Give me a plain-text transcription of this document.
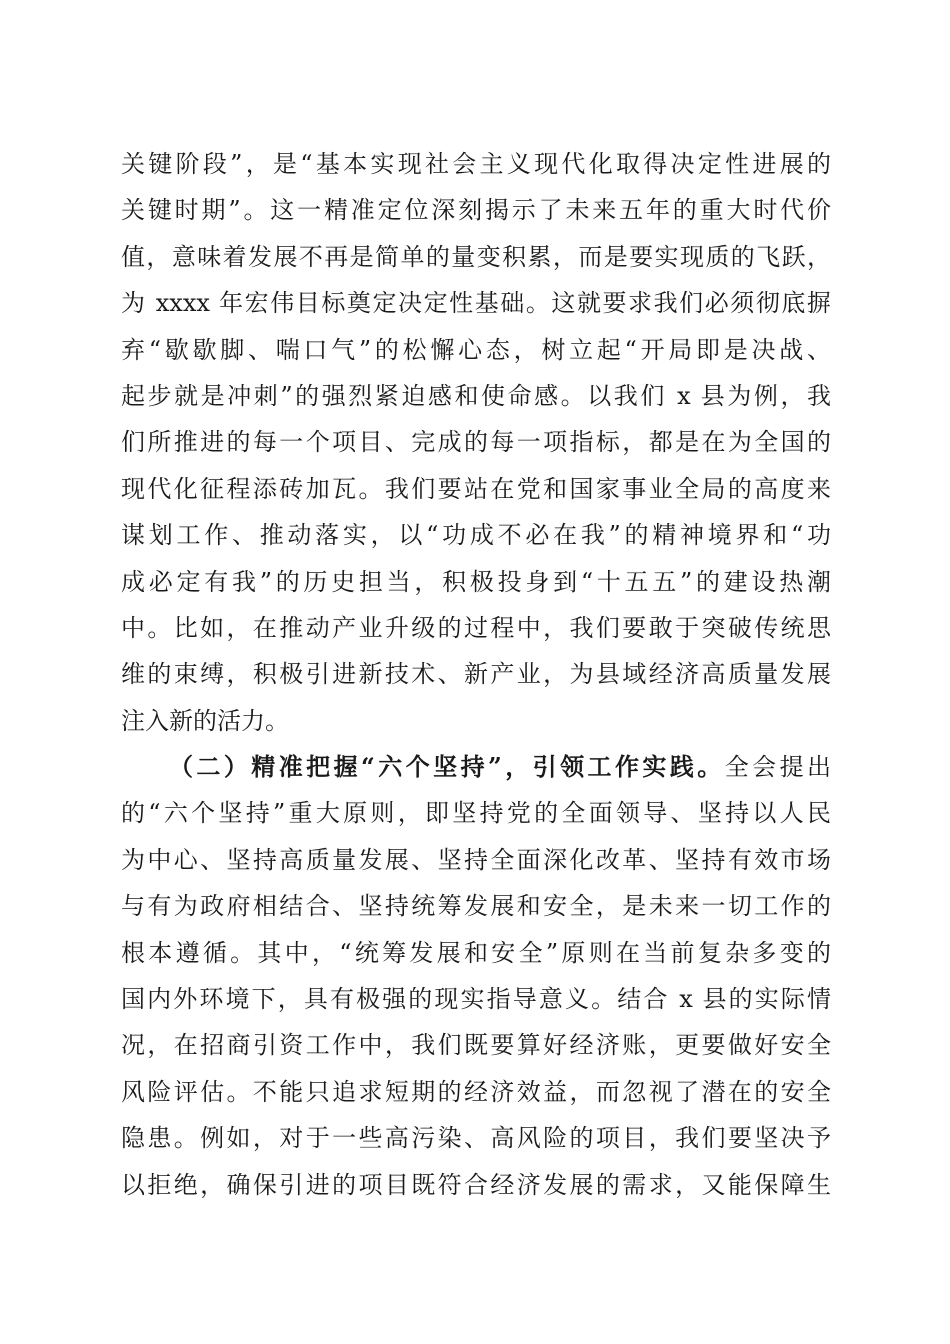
关键阶段”，是“基本实现社会主义现代化取得决定性进展的
关键时期”。这一精准定位深刻揭示了未来五年的重大时代价
值，意味着发展不再是简单的量变积累，而是要实现质的飞跃，
为 xxxx 年宏伟目标奠定决定性基础。这就要求我们必须彻底摒
弃“歇歇脚、喘口气”的松懈心态，树立起“开局即是决战、
起步就是冲刺”的强烈紧迫感和使命感。以我们 x 县为例，我
们所推进的每一个项目、完成的每一项指标，都是在为全国的
现代化征程添砖加瓦。我们要站在党和国家事业全局的高度来
谋划工作、推动落实，以“功成不必在我”的精神境界和“功
成必定有我”的历史担当，积极投身到“十五五”的建设热潮
中。比如，在推动产业升级的过程中，我们要敢于突破传统思
维的束缚，积极引进新技术、新产业，为县域经济高质量发展
注入新的活力。
（二）精准把握“六个坚持”，引领工作实践。全会提出
的“六个坚持”重大原则，即坚持党的全面领导、坚持以人民
为中心、坚持高质量发展、坚持全面深化改革、坚持有效市场
与有为政府相结合、坚持统筹发展和安全，是未来一切工作的
根本遵循。其中，“统筹发展和安全”原则在当前复杂多变的
国内外环境下，具有极强的现实指导意义。结合 x 县的实际情
况，在招商引资工作中，我们既要算好经济账，更要做好安全
风险评估。不能只追求短期的经济效益，而忽视了潜在的安全
隐患。例如，对于一些高污染、高风险的项目，我们要坚决予
以拒绝，确保引进的项目既符合经济发展的需求，又能保障生
